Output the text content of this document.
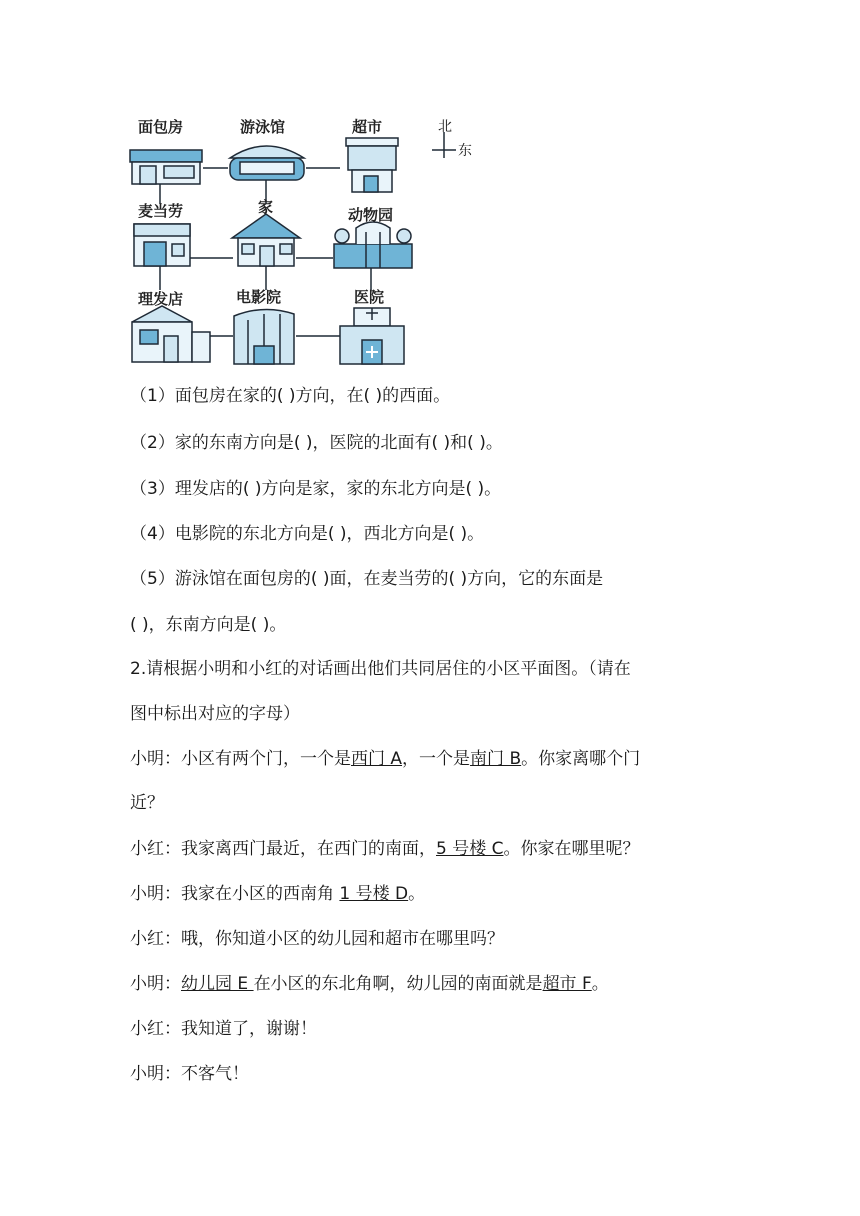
面包房	游泳馆	超市
麦当劳	家	动物园
理发店	电影院	医院
北
东
（1）面包房在家的( )方向，在( )的西面。
（2）家的东南方向是( )，医院的北面有( )和( )。
（3）理发店的( )方向是家，家的东北方向是( )。
（4）电影院的东北方向是( )，西北方向是( )。
（5）游泳馆在面包房的( )面，在麦当劳的( )方向，它的东面是
( )，东南方向是( )。
2.请根据小明和小红的对话画出他们共同居住的小区平面图。（请在
图中标出对应的字母）
小明：小区有两个门，一个是西门 A，一个是南门 B。你家离哪个门
近？
小红：我家离西门最近，在西门的南面，5 号楼 C。你家在哪里呢？
小明：我家在小区的西南角 1 号楼 D。
小红：哦，你知道小区的幼儿园和超市在哪里吗？
小明：幼儿园 E 在小区的东北角啊，幼儿园的南面就是超市 F。
小红：我知道了，谢谢！
小明：不客气！
